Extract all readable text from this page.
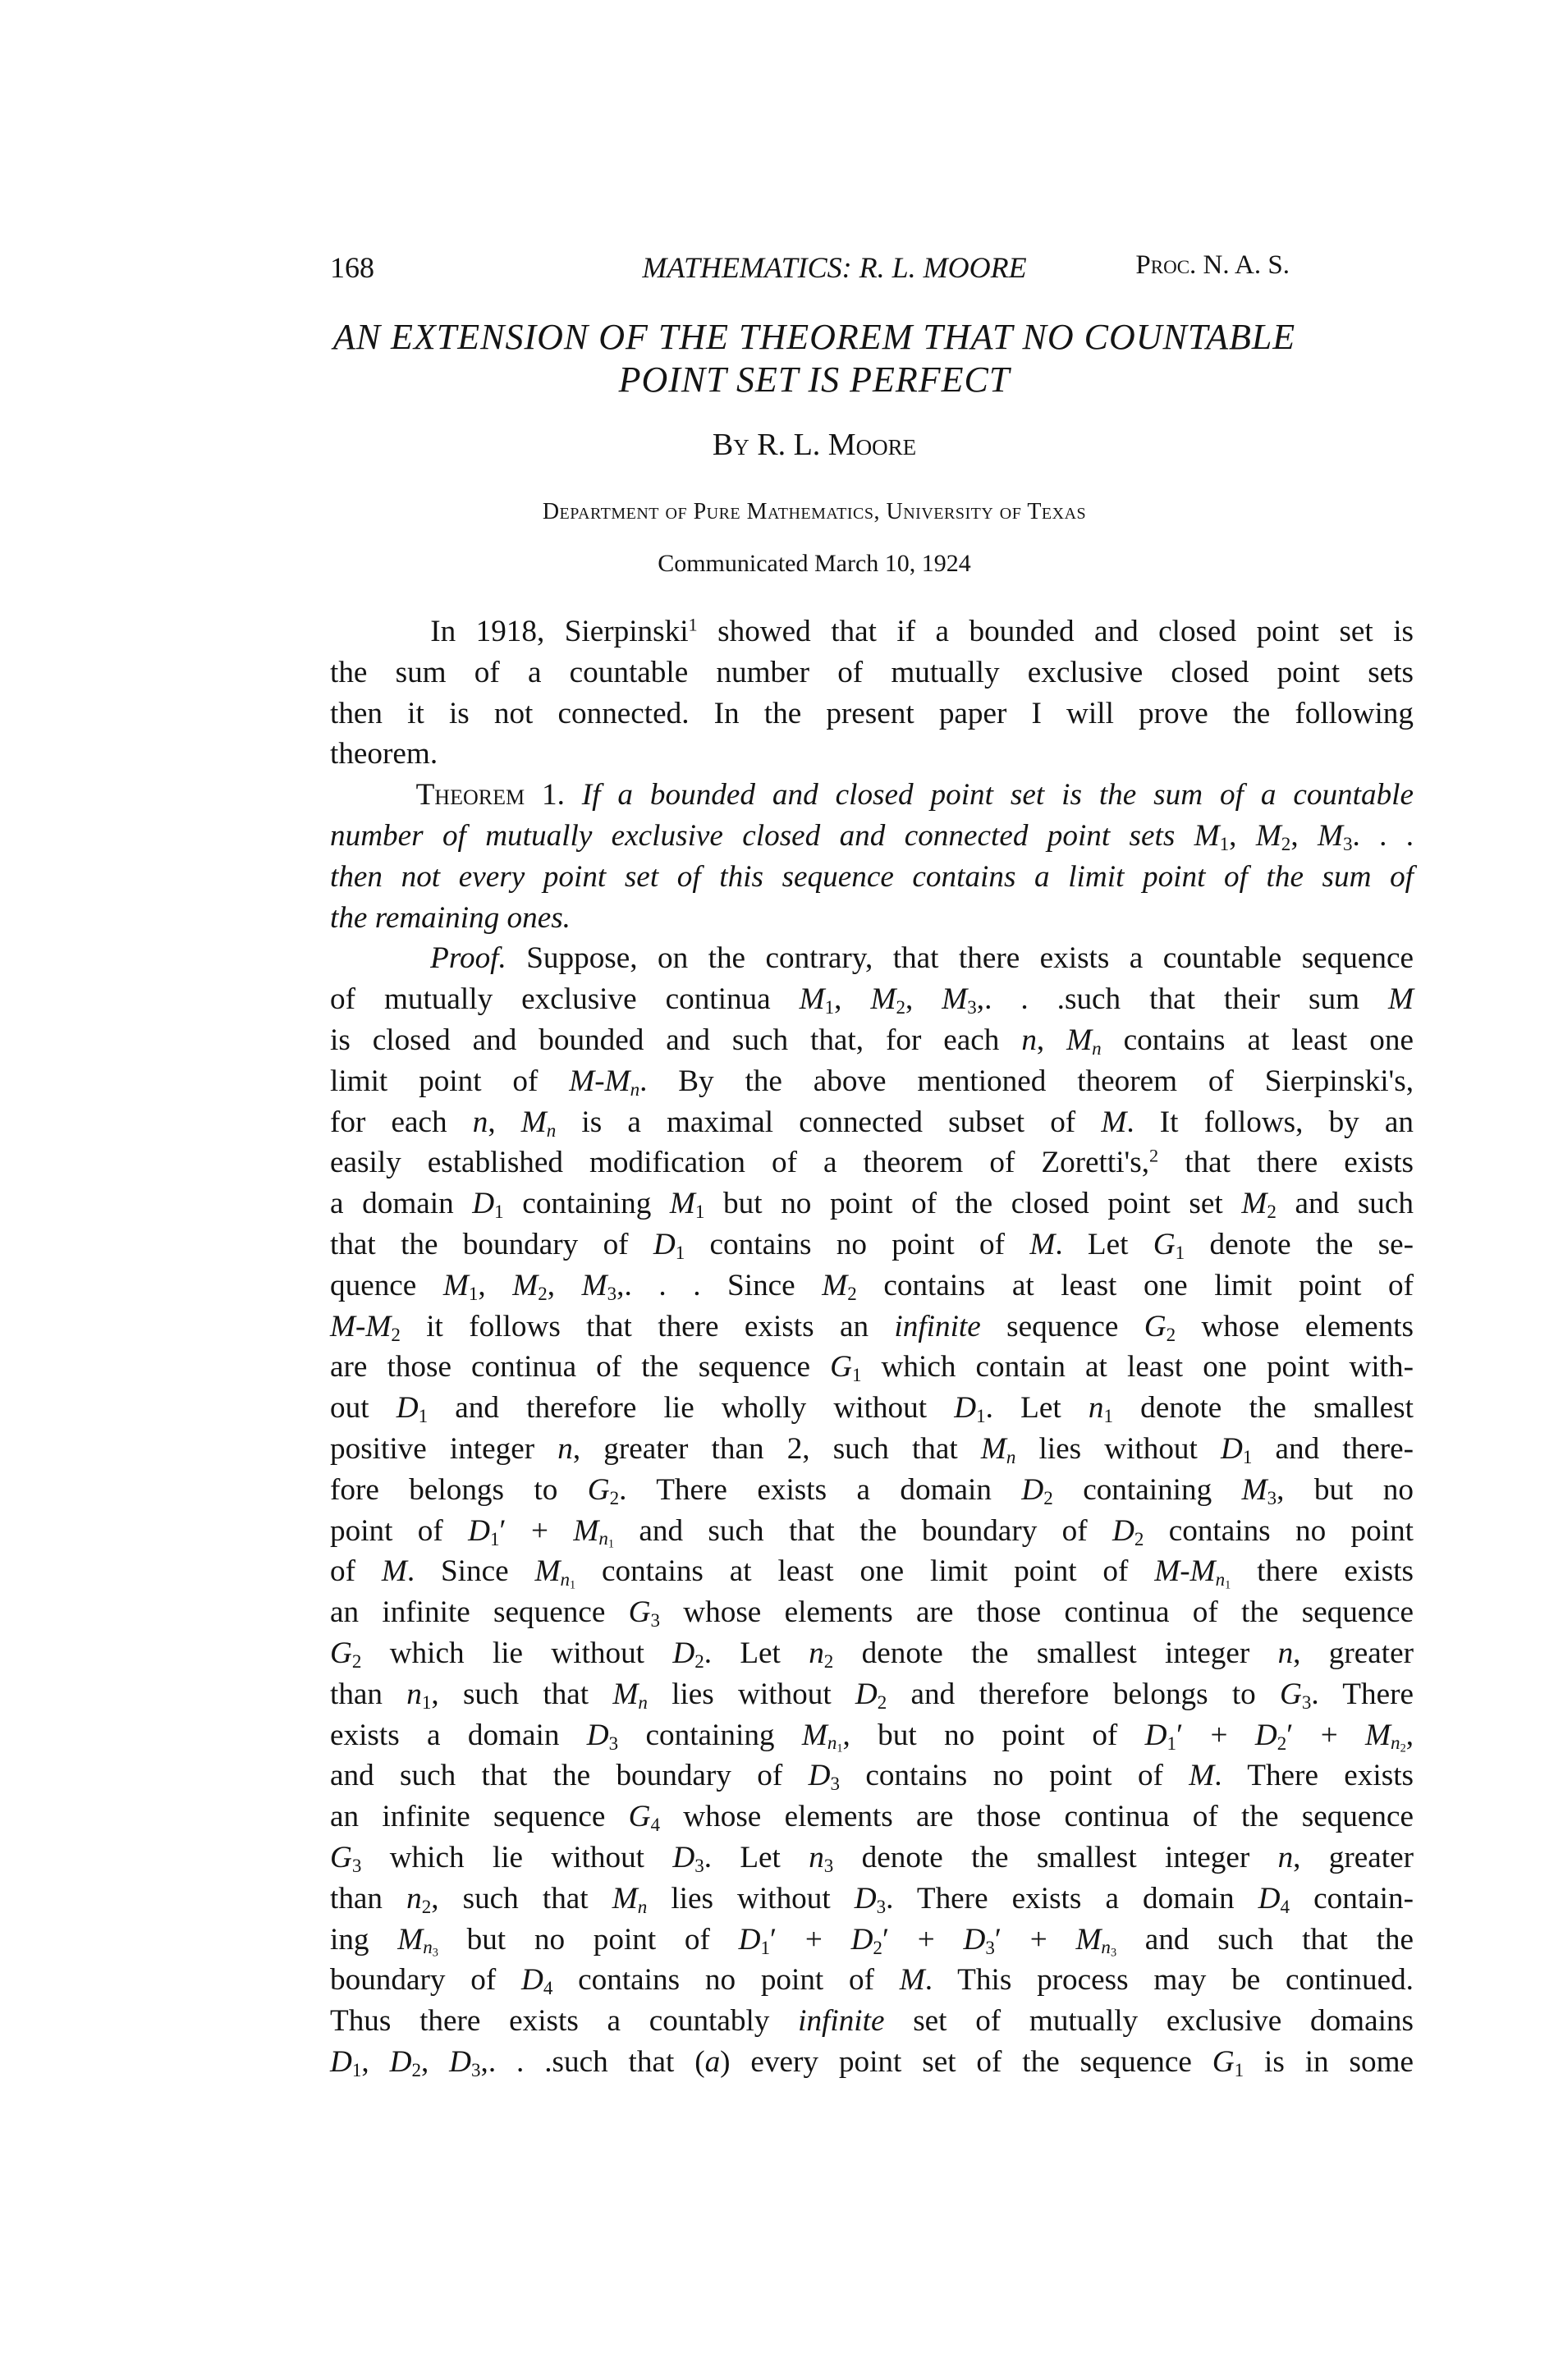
168	MATHEMATICS: R. L. MOORE	Proc. N. A. S.
AN EXTENSION OF THE THEOREM THAT NO COUNTABLE
POINT SET IS PERFECT
By R. L. Moore
Department of Pure Mathematics, University of Texas
Communicated March 10, 1924

In 1918, Sierpinski$^1$ showed that if a bounded and closed point set is
the sum of a countable number of mutually exclusive closed point sets
then it is not connected. In the present paper I will prove the following
theorem.

Theorem 1. If a bounded and closed point set is the sum of a countable
number of mutually exclusive closed and connected point sets $M_1$, $M_2$, $M_3$. . .
then not every point set of this sequence contains a limit point of the sum of
the remaining ones.

Proof. Suppose, on the contrary, that there exists a countable sequence
of mutually exclusive continua $M_1$, $M_2$, $M_3$,. . .such that their sum M
is closed and bounded and such that, for each n, $M_n$ contains at least one
limit point of $M-M_n$. By the above mentioned theorem of Sierpinski's,
for each n, $M_n$ is a maximal connected subset of M. It follows, by an
easily established modification of a theorem of Zoretti's,$^2$ that there exists
a domain $D_1$ containing $M_1$ but no point of the closed point set $M_2$ and such
that the boundary of $D_1$ contains no point of M. Let $G_1$ denote the se-
quence $M_1$, $M_2$, $M_3$,. . . Since $M_2$ contains at least one limit point of
$M-M_2$ it follows that there exists an infinite sequence $G_2$ whose elements
are those continua of the sequence $G_1$ which contain at least one point with-
out $D_1$ and therefore lie wholly without $D_1$. Let $n_1$ denote the smallest
positive integer n, greater than 2, such that $M_n$ lies without $D_1$ and there-
fore belongs to $G_2$. There exists a domain $D_2$ containing $M_3$, but no
point of $D_1' + M_{n_1}$ and such that the boundary of $D_2$ contains no point
of M. Since $M_{n_1}$ contains at least one limit point of $M-M_{n_1}$ there exists
an infinite sequence $G_3$ whose elements are those continua of the sequence
$G_2$ which lie without $D_2$. Let $n_2$ denote the smallest integer n, greater
than $n_1$, such that $M_n$ lies without $D_2$ and therefore belongs to $G_3$. There
exists a domain $D_3$ containing $M_{n_1}$, but no point of $D_1' + D_2' + M_{n_2}$,
and such that the boundary of $D_3$ contains no point of M. There exists
an infinite sequence $G_4$ whose elements are those continua of the sequence
$G_3$ which lie without $D_3$. Let $n_3$ denote the smallest integer n, greater
than $n_2$, such that $M_n$ lies without $D_3$. There exists a domain $D_4$ contain-
ing $M_{n_3}$ but no point of $D_1' + D_2' + D_3' + M_{n_3}$ and such that the
boundary of $D_4$ contains no point of M. This process may be continued.
Thus there exists a countably infinite set of mutually exclusive domains
$D_1$, $D_2$, $D_3$,. . .such that (a) every point set of the sequence $G_1$ is in some
